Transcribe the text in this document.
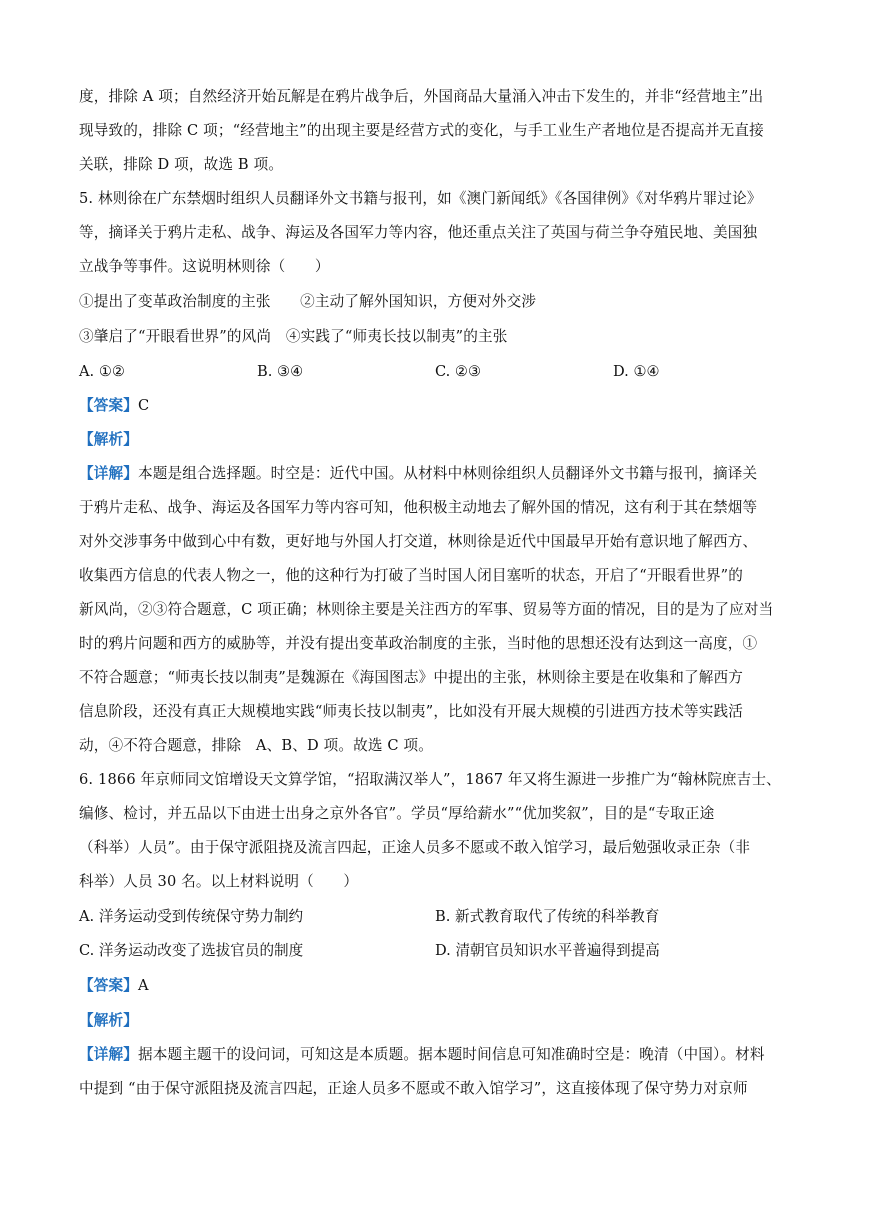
度，排除 A 项；自然经济开始瓦解是在鸦片战争后，外国商品大量涌入冲击下发生的，并非“经营地主”出
现导致的，排除 C 项；“经营地主”的出现主要是经营方式的变化，与手工业生产者地位是否提高并无直接
关联，排除 D 项，故选 B 项。
5. 林则徐在广东禁烟时组织人员翻译外文书籍与报刊，如《澳门新闻纸》《各国律例》《对华鸦片罪过论》
等，摘译关于鸦片走私、战争、海运及各国军力等内容，他还重点关注了英国与荷兰争夺殖民地、美国独
立战争等事件。这说明林则徐（　　）
①提出了变革政治制度的主张　　②主动了解外国知识，方便对外交涉
③肇启了“开眼看世界”的风尚　④实践了“师夷长技以制夷”的主张
A. ①②	B. ③④	C. ②③	D. ①④
【答案】C
【解析】
【详解】本题是组合选择题。时空是：近代中国。从材料中林则徐组织人员翻译外文书籍与报刊，摘译关
于鸦片走私、战争、海运及各国军力等内容可知，他积极主动地去了解外国的情况，这有利于其在禁烟等
对外交涉事务中做到心中有数，更好地与外国人打交道，林则徐是近代中国最早开始有意识地了解西方、
收集西方信息的代表人物之一，他的这种行为打破了当时国人闭目塞听的状态，开启了“开眼看世界”的
新风尚，②③符合题意，C 项正确；林则徐主要是关注西方的军事、贸易等方面的情况，目的是为了应对当
时的鸦片问题和西方的威胁等，并没有提出变革政治制度的主张，当时他的思想还没有达到这一高度，①
不符合题意；“师夷长技以制夷”是魏源在《海国图志》中提出的主张，林则徐主要是在收集和了解西方
信息阶段，还没有真正大规模地实践“师夷长技以制夷”，比如没有开展大规模的引进西方技术等实践活
动，④不符合题意，排除　A、B、D 项。故选 C 项。
6. 1866 年京师同文馆增设天文算学馆，“招取满汉举人”，1867 年又将生源进一步推广为“翰林院庶吉士、
编修、检讨，并五品以下由进士出身之京外各官”。学员“厚给薪水”“优加奖叙”，目的是“专取正途
（科举）人员”。由于保守派阻挠及流言四起，正途人员多不愿或不敢入馆学习，最后勉强收录正杂（非
科举）人员 30 名。以上材料说明（　　）
A. 洋务运动受到传统保守势力制约	B. 新式教育取代了传统的科举教育
C. 洋务运动改变了选拔官员的制度	D. 清朝官员知识水平普遍得到提高
【答案】A
【解析】
【详解】据本题主题干的设问词，可知这是本质题。据本题时间信息可知准确时空是：晚清（中国）。材料
中提到 “由于保守派阻挠及流言四起，正途人员多不愿或不敢入馆学习”，这直接体现了保守势力对京师
